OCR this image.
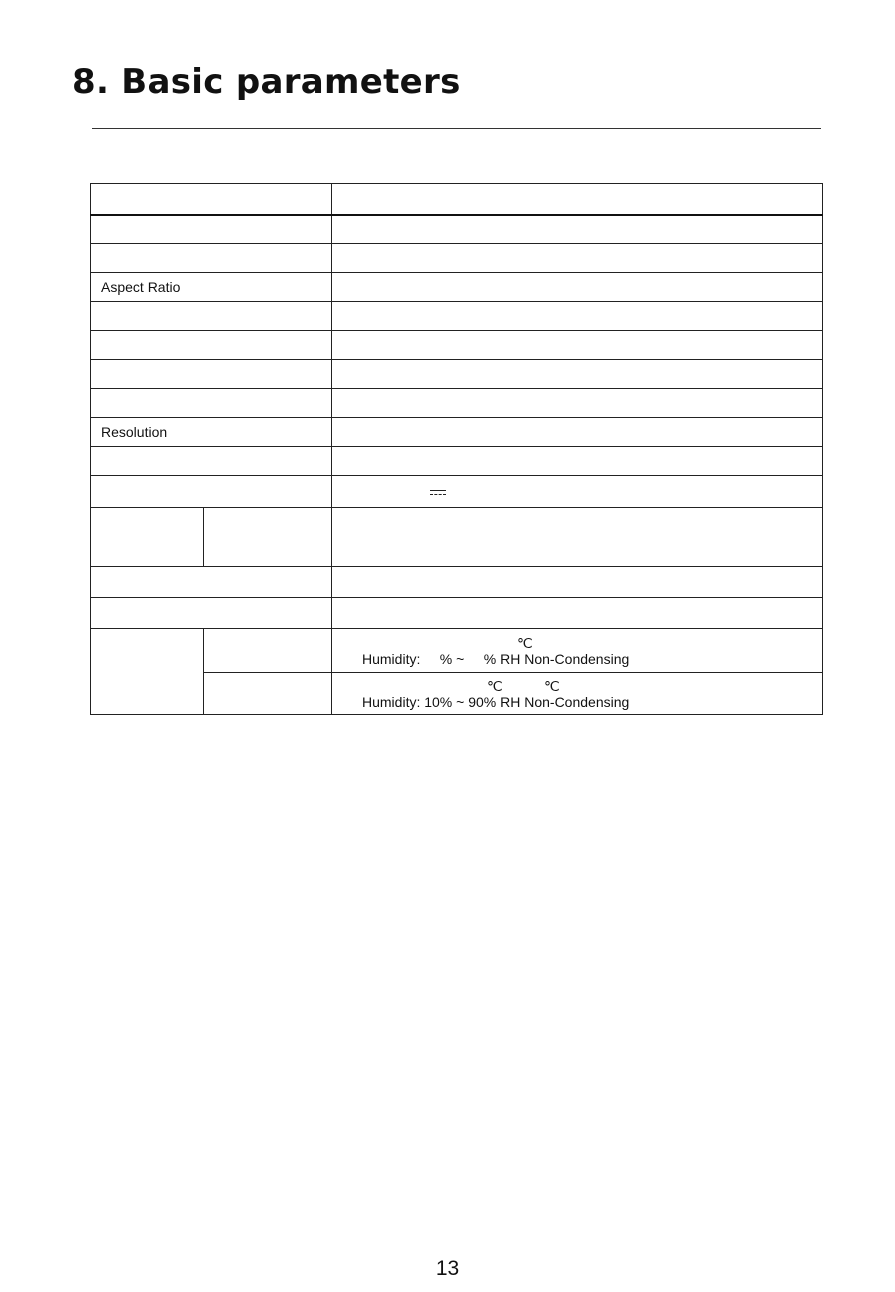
8. Basic parameters

Aspect Ratio		

Resolution		

		℃
Humidity:     % ~     % RH Non-Condensing

		℃ ℃
Humidity: 10% ~ 90% RH Non-Condensing

13
